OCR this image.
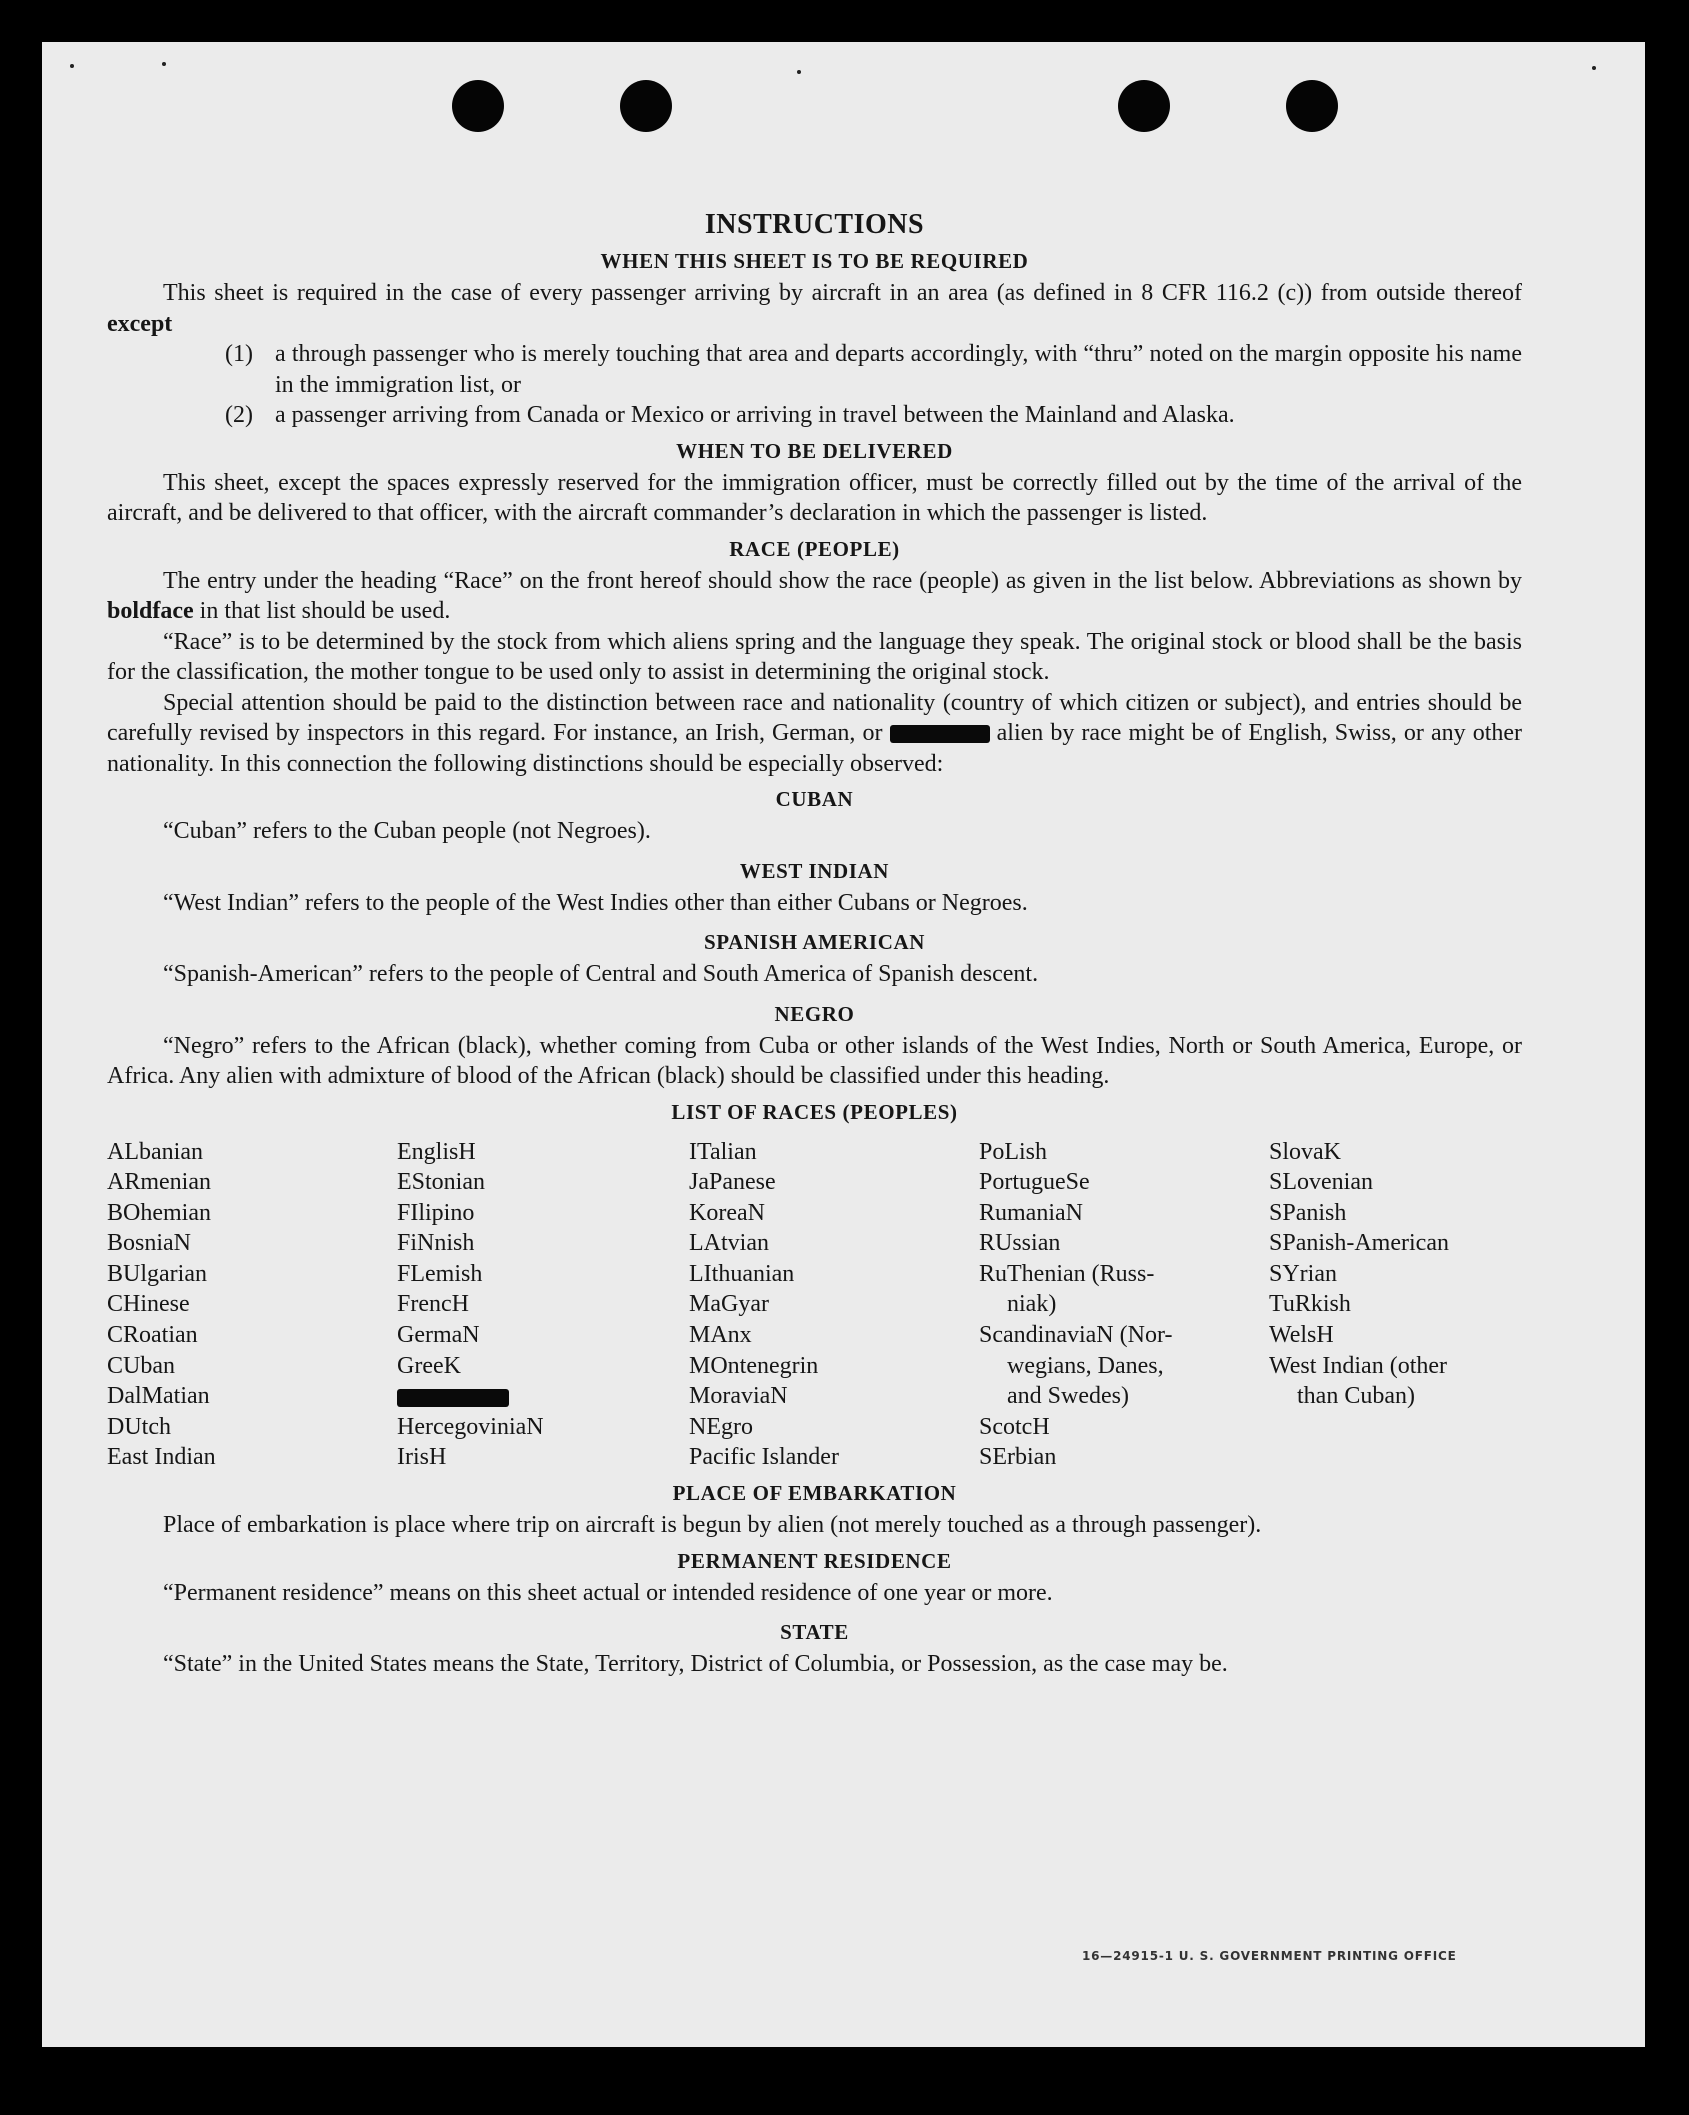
INSTRUCTIONS
WHEN THIS SHEET IS TO BE REQUIRED

This sheet is required in the case of every passenger arriving by aircraft in an area (as defined in 8 CFR 116.2 (c)) from outside thereof except

(1) a through passenger who is merely touching that area and departs accordingly, with “thru” noted on the margin opposite his name in the immigration list, or
(2) a passenger arriving from Canada or Mexico or arriving in travel between the Mainland and Alaska.
WHEN TO BE DELIVERED

This sheet, except the spaces expressly reserved for the immigration officer, must be correctly filled out by the time of the arrival of the aircraft, and be delivered to that officer, with the aircraft commander’s declaration in which the passenger is listed.

RACE (PEOPLE)

The entry under the heading “Race” on the front hereof should show the race (people) as given in the list below. Abbreviations as shown by boldface in that list should be used.

“Race” is to be determined by the stock from which aliens spring and the language they speak. The original stock or blood shall be the basis for the classification, the mother tongue to be used only to assist in determining the original stock.

Special attention should be paid to the distinction between race and nationality (country of which citizen or subject), and entries should be carefully revised by inspectors in this regard. For instance, an Irish, German, or	alien by race might be of English, Swiss, or any other nationality. In this connection the following distinctions should be especially observed:

CUBAN

“Cuban” refers to the Cuban people (not Negroes).

WEST INDIAN

“West Indian” refers to the people of the West Indies other than either Cubans or Negroes.

SPANISH AMERICAN

“Spanish-American” refers to the people of Central and South America of Spanish descent.

NEGRO

“Negro” refers to the African (black), whether coming from Cuba or other islands of the West Indies, North or South America, Europe, or Africa. Any alien with admixture of blood of the African (black) should be classified under this heading.

LIST OF RACES (PEOPLES)
ALbanian
ARmenian
BOhemian
BosniaN
BUlgarian
CHinese
CRoatian
CUban
DalMatian
DUtch
East Indian
EnglisH
EStonian
FIlipino
FiNnish
FLemish
FrencH
GermaN
GreeK
HercegoviniaN
IrisH
ITalian
JaPanese
KoreaN
LAtvian
LIthuanian
MaGyar
MAnx
MOntenegrin
MoraviaN
NEgro
Pacific Islander
PoLish
PortugueSe
RumaniaN
RUssian
RuThenian (Russ-
niak)
ScandinaviaN (Nor-
wegians, Danes,
and Swedes)
ScotcH
SErbian
SlovaK
SLovenian
SPanish
SPanish-American
SYrian
TuRkish
WelsH
West Indian (other
than Cuban)
PLACE OF EMBARKATION

Place of embarkation is place where trip on aircraft is begun by alien (not merely touched as a through passenger).

PERMANENT RESIDENCE

“Permanent residence” means on this sheet actual or intended residence of one year or more.

STATE

“State” in the United States means the State, Territory, District of Columbia, or Possession, as the case may be.

16—24915-1 U. S. GOVERNMENT PRINTING OFFICE
